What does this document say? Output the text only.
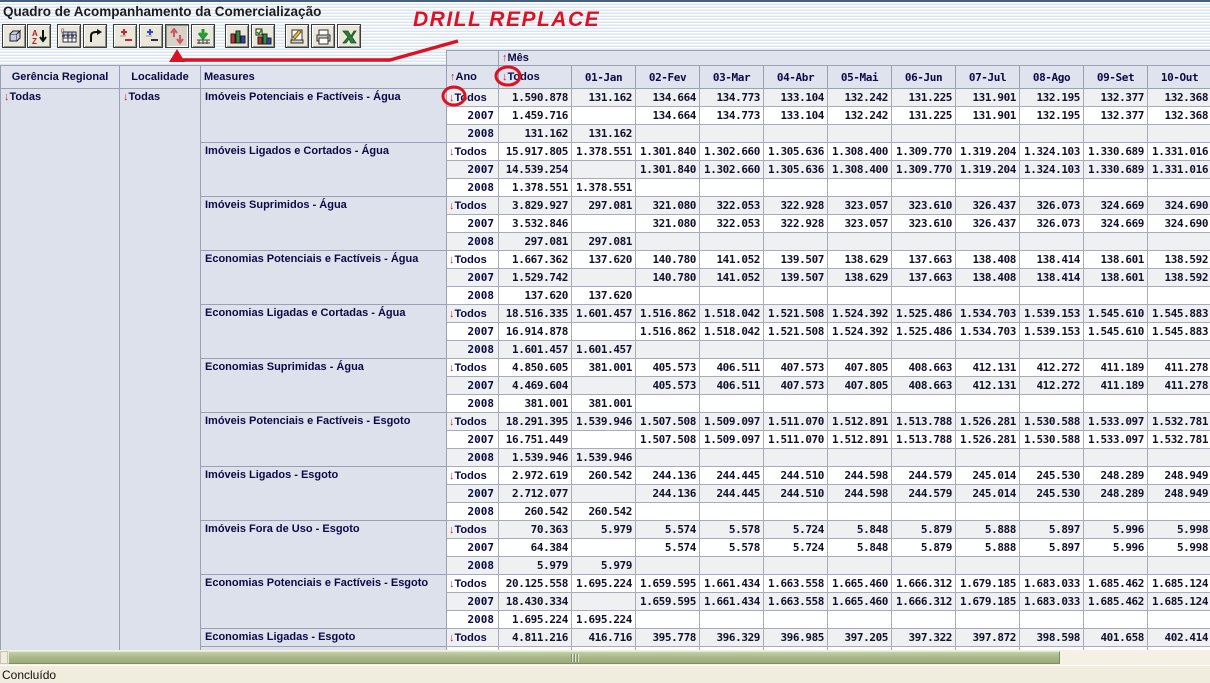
Quadro de Acompanhamento da Comercialização
A
Z
0
				↑Mês										
Gerência Regional	Localidade	Measures	↑Ano	↓Todos	01-Jan	02-Fev	03-Mar	04-Abr	05-Mai	06-Jun	07-Jul	08-Ago	09-Set	10-Out
↓Todas	↓Todas	Imóveis Potenciais e Factíveis - Água	↓Todos	1.590.878	131.162	134.664	134.773	133.104	132.242	131.225	131.901	132.195	132.377	132.368
			2007	1.459.716		134.664	134.773	133.104	132.242	131.225	131.901	132.195	132.377	132.368
			2008	131.162	131.162									
		Imóveis Ligados e Cortados - Água	↓Todos	15.917.805	1.378.551	1.301.840	1.302.660	1.305.636	1.308.400	1.309.770	1.319.204	1.324.103	1.330.689	1.331.016
			2007	14.539.254		1.301.840	1.302.660	1.305.636	1.308.400	1.309.770	1.319.204	1.324.103	1.330.689	1.331.016
			2008	1.378.551	1.378.551									
		Imóveis Suprimidos - Água	↓Todos	3.829.927	297.081	321.080	322.053	322.928	323.057	323.610	326.437	326.073	324.669	324.690
			2007	3.532.846		321.080	322.053	322.928	323.057	323.610	326.437	326.073	324.669	324.690
			2008	297.081	297.081									
		Economias Potenciais e Factíveis - Água	↓Todos	1.667.362	137.620	140.780	141.052	139.507	138.629	137.663	138.408	138.414	138.601	138.592
			2007	1.529.742		140.780	141.052	139.507	138.629	137.663	138.408	138.414	138.601	138.592
			2008	137.620	137.620									
		Economias Ligadas e Cortadas - Água	↓Todos	18.516.335	1.601.457	1.516.862	1.518.042	1.521.508	1.524.392	1.525.486	1.534.703	1.539.153	1.545.610	1.545.883
			2007	16.914.878		1.516.862	1.518.042	1.521.508	1.524.392	1.525.486	1.534.703	1.539.153	1.545.610	1.545.883
			2008	1.601.457	1.601.457									
		Economias Suprimidas - Água	↓Todos	4.850.605	381.001	405.573	406.511	407.573	407.805	408.663	412.131	412.272	411.189	411.278
			2007	4.469.604		405.573	406.511	407.573	407.805	408.663	412.131	412.272	411.189	411.278
			2008	381.001	381.001									
		Imóveis Potenciais e Factíveis - Esgoto	↓Todos	18.291.395	1.539.946	1.507.508	1.509.097	1.511.070	1.512.891	1.513.788	1.526.281	1.530.588	1.533.097	1.532.781
			2007	16.751.449		1.507.508	1.509.097	1.511.070	1.512.891	1.513.788	1.526.281	1.530.588	1.533.097	1.532.781
			2008	1.539.946	1.539.946									
		Imóveis Ligados - Esgoto	↓Todos	2.972.619	260.542	244.136	244.445	244.510	244.598	244.579	245.014	245.530	248.289	248.949
			2007	2.712.077		244.136	244.445	244.510	244.598	244.579	245.014	245.530	248.289	248.949
			2008	260.542	260.542									
		Imóveis Fora de Uso - Esgoto	↓Todos	70.363	5.979	5.574	5.578	5.724	5.848	5.879	5.888	5.897	5.996	5.998
			2007	64.384		5.574	5.578	5.724	5.848	5.879	5.888	5.897	5.996	5.998
			2008	5.979	5.979									
		Economias Potenciais e Factíveis - Esgoto	↓Todos	20.125.558	1.695.224	1.659.595	1.661.434	1.663.558	1.665.460	1.666.312	1.679.185	1.683.033	1.685.462	1.685.124
			2007	18.430.334		1.659.595	1.661.434	1.663.558	1.665.460	1.666.312	1.679.185	1.683.033	1.685.462	1.685.124
			2008	1.695.224	1.695.224									
		Economias Ligadas - Esgoto	↓Todos	4.811.216	416.716	395.778	396.329	396.985	397.205	397.322	397.872	398.598	401.658	402.414

DRILL REPLACE
Concluído
